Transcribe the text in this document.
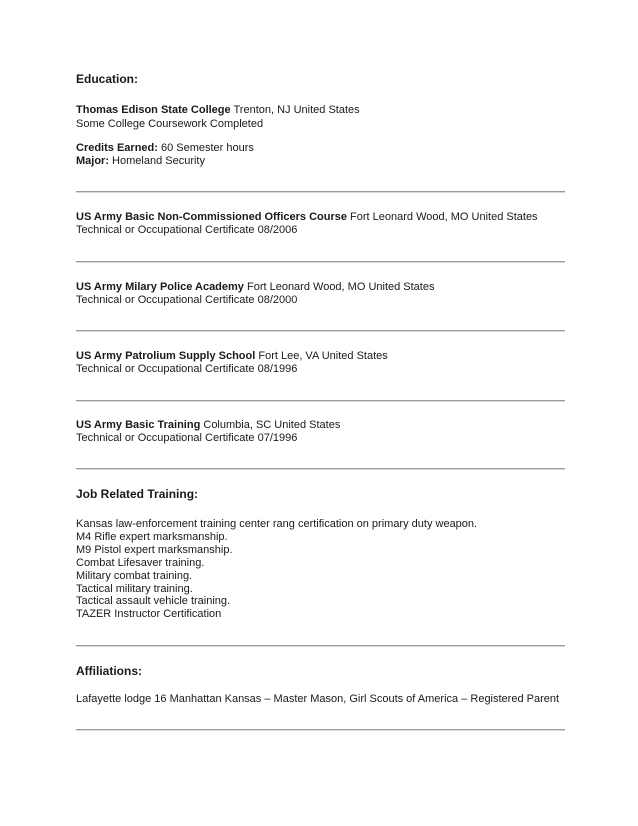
Education:
Thomas Edison State College Trenton, NJ United States
Some College Coursework Completed
Credits Earned: 60 Semester hours
Major: Homeland Security
US Army Basic Non-Commissioned Officers Course Fort Leonard Wood, MO United States
Technical or Occupational Certificate 08/2006
US Army Milary Police Academy Fort Leonard Wood, MO United States
Technical or Occupational Certificate 08/2000
US Army Patrolium Supply School Fort Lee, VA United States
Technical or Occupational Certificate 08/1996
US Army Basic Training Columbia, SC United States
Technical or Occupational Certificate 07/1996
Job Related Training:
Kansas law-enforcement training center rang certification on primary duty weapon.
M4 Rifle expert marksmanship.
M9 Pistol expert marksmanship.
Combat Lifesaver training.
Military combat training.
Tactical military training.
Tactical assault vehicle training.
TAZER Instructor Certification
Affiliations:
Lafayette lodge 16 Manhattan Kansas – Master Mason, Girl Scouts of America – Registered Parent
